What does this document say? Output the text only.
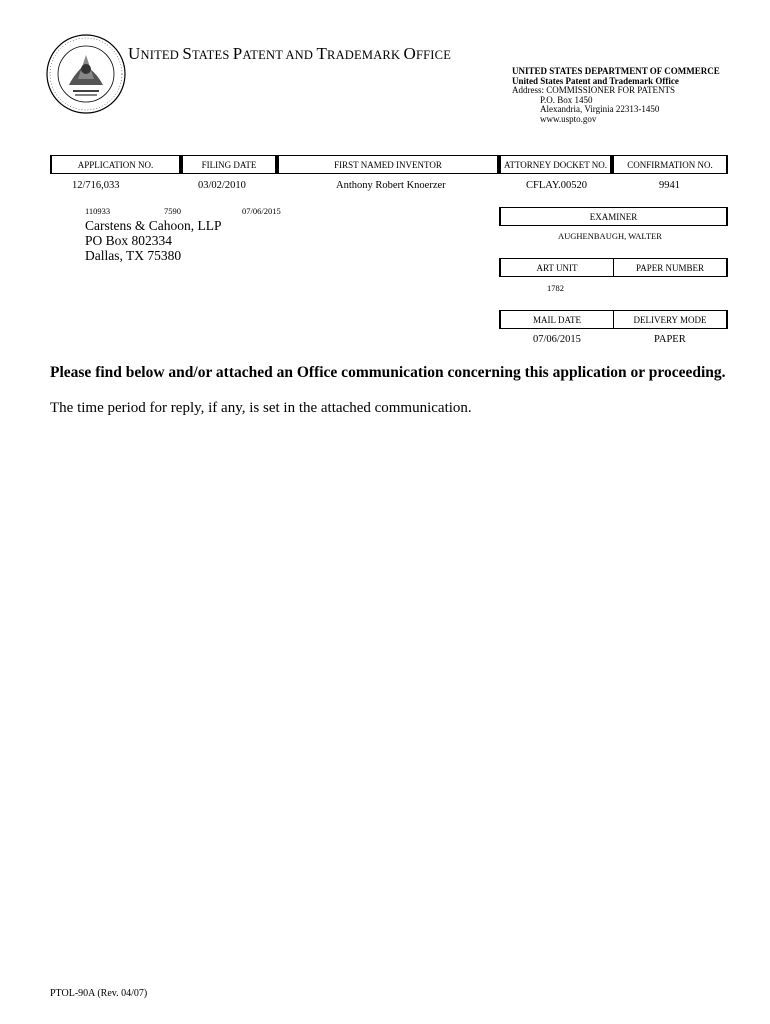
UNITED STATES PATENT AND TRADEMARK OFFICE
UNITED STATES DEPARTMENT OF COMMERCE
United States Patent and Trademark Office
Address: COMMISSIONER FOR PATENTS
P.O. Box 1450
Alexandria, Virginia 22313-1450
www.uspto.gov
APPLICATION NO.	FILING DATE	FIRST NAMED INVENTOR	ATTORNEY DOCKET NO.	CONFIRMATION NO.
12/716,033	03/02/2010	Anthony Robert Knoerzer	CFLAY.00520	9941
110933	7590	07/06/2015
Carstens & Cahoon, LLP
PO Box 802334
Dallas, TX 75380
EXAMINER
AUGHENBAUGH, WALTER
ART UNIT	PAPER NUMBER
1782
MAIL DATE	DELIVERY MODE
07/06/2015	PAPER
Please find below and/or attached an Office communication concerning this application or proceeding.
The time period for reply, if any, is set in the attached communication.
PTOL-90A (Rev. 04/07)
